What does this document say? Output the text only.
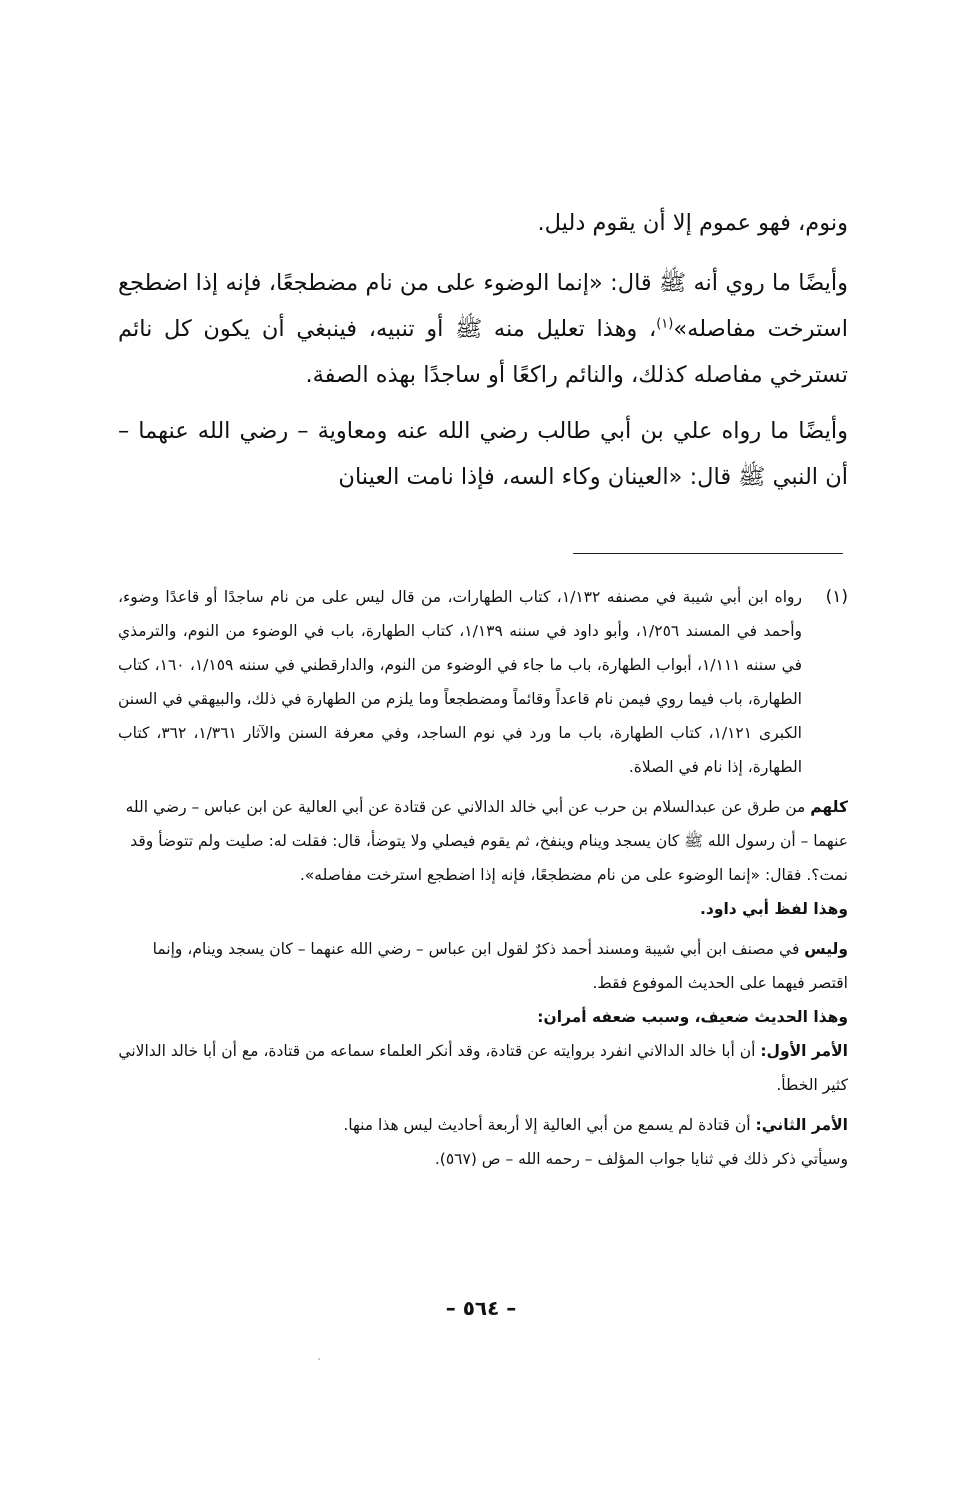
ونوم، فهو عموم إلا أن يقوم دليل.

وأيضًا ما روي أنه ﷺ قال: «إنما الوضوء على من نام مضطجعًا، فإنه إذا اضطجع استرخت مفاصله»$^{(١)}$، وهذا تعليل منه ﷺ أو تنبيه، فينبغي أن يكون كل نائم تسترخي مفاصله كذلك، والنائم راكعًا أو ساجدًا بهذه الصفة.

وأيضًا ما رواه علي بن أبي طالب رضي الله عنه ومعاوية – رضي الله عنهما – أن النبي ﷺ قال: «العينان وكاء السه، فإذا نامت العينان

(١)

رواه ابن أبي شيبة في مصنفه ١/١٣٢، كتاب الطهارات، من قال ليس على من نام ساجدًا أو قاعدًا وضوء، وأحمد في المسند ١/٢٥٦، وأبو داود في سننه ١/١٣٩، كتاب الطهارة، باب في الوضوء من النوم، والترمذي في سننه ١/١١١، أبواب الطهارة، باب ما جاء في الوضوء من النوم، والدارقطني في سننه ١/١٥٩، ١٦٠، كتاب الطهارة، باب فيما روي فيمن نام قاعداً وقائماً ومضطجعاً وما يلزم من الطهارة في ذلك، والبيهقي في السنن الكبرى ١/١٢١، كتاب الطهارة، باب ما ورد في نوم الساجد، وفي معرفة السنن والآثار ١/٣٦١، ٣٦٢، كتاب الطهارة، إذا نام في الصلاة.

كلهم من طرق عن عبدالسلام بن حرب عن أبي خالد الدالاني عن قتادة عن أبي العالية عن ابن عباس – رضي الله عنهما – أن رسول الله ﷺ كان يسجد وينام وينفخ، ثم يقوم فيصلي ولا يتوضأ، قال: فقلت له: صليت ولم تتوضأ وقد نمت؟. فقال: «إنما الوضوء على من نام مضطجعًا، فإنه إذا اضطجع استرخت مفاصله».

وهذا لفظ أبي داود.

وليس في مصنف ابن أبي شيبة ومسند أحمد ذكرٌ لقول ابن عباس – رضي الله عنهما – كان يسجد وينام، وإنما اقتصر فيهما على الحديث الموفوع فقط.

وهذا الحديث ضعيف، وسبب ضعفه أمران:

الأمر الأول: أن أبا خالد الدالاني انفرد بروايته عن قتادة، وقد أنكر العلماء سماعه من قتادة، مع أن أبا خالد الدالاني كثير الخطأ.

الأمر الثاني: أن قتادة لم يسمع من أبي العالية إلا أربعة أحاديث ليس هذا منها.

وسيأتي ذكر ذلك في ثنايا جواب المؤلف – رحمه الله – ص (٥٦٧).

– ٥٦٤ –
